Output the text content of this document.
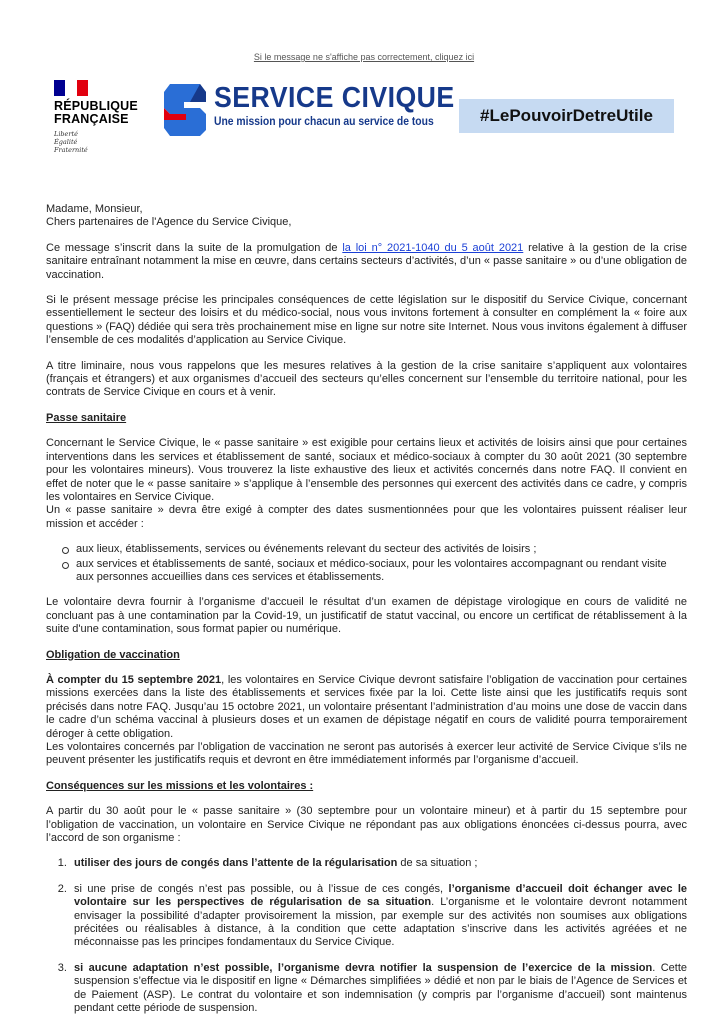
Si le message ne s'affiche pas correctement, cliquez ici
RÉPUBLIQUE
FRANÇAISE
Liberté
Égalité
Fraternité
SERVICE CIVIQUE
Une mission pour chacun au service de tous	#LePouvoirDetreUtile

Madame, Monsieur,

Chers partenaires de l'Agence du Service Civique,

Ce message s’inscrit dans la suite de la promulgation de la loi n° 2021-1040 du 5 août 2021 relative à la gestion de la crise sanitaire entraînant notamment la mise en œuvre, dans certains secteurs d’activités, d’un « passe sanitaire » ou d’une obligation de vaccination.

Si le présent message précise les principales conséquences de cette législation sur le dispositif du Service Civique, concernant essentiellement le secteur des loisirs et du médico-social, nous vous invitons fortement à consulter en complément la « foire aux questions » (FAQ) dédiée qui sera très prochainement mise en ligne sur notre site Internet. Nous vous invitons également à diffuser l’ensemble de ces modalités d’application au Service Civique.

A titre liminaire, nous vous rappelons que les mesures relatives à la gestion de la crise sanitaire s’appliquent aux volontaires (français et étrangers) et aux organismes d’accueil des secteurs qu’elles concernent sur l’ensemble du territoire national, pour les contrats de Service Civique en cours et à venir.

Passe sanitaire

Concernant le Service Civique, le « passe sanitaire » est exigible pour certains lieux et activités de loisirs ainsi que pour certaines interventions dans les services et établissement de santé, sociaux et médico-sociaux à compter du 30 août 2021 (30 septembre pour les volontaires mineurs). Vous trouverez la liste exhaustive des lieux et activités concernés dans notre FAQ. Il convient en effet de noter que le « passe sanitaire » s’applique à l’ensemble des personnes qui exercent des activités dans ce cadre, y compris les volontaires en Service Civique.

Un « passe sanitaire » devra être exigé à compter des dates susmentionnées pour que les volontaires puissent réaliser leur mission et accéder :

aux lieux, établissements, services ou événements relevant du secteur des activités de loisirs ;
aux services et établissements de santé, sociaux et médico-sociaux, pour les volontaires accompagnant ou rendant visite aux personnes accueillies dans ces services et établissements.

Le volontaire devra fournir à l’organisme d’accueil le résultat d’un examen de dépistage virologique en cours de validité ne concluant pas à une contamination par la Covid-19, un justificatif de statut vaccinal, ou encore un certificat de rétablissement à la suite d'une contamination, sous format papier ou numérique.

Obligation de vaccination

À compter du 15 septembre 2021, les volontaires en Service Civique devront satisfaire l’obligation de vaccination pour certaines missions exercées dans la liste des établissements et services fixée par la loi. Cette liste ainsi que les justificatifs requis sont précisés dans notre FAQ. Jusqu’au 15 octobre 2021, un volontaire présentant l’administration d’au moins une dose de vaccin dans le cadre d’un schéma vaccinal à plusieurs doses et un examen de dépistage négatif en cours de validité pourra temporairement déroger à cette obligation.

Les volontaires concernés par l’obligation de vaccination ne seront pas autorisés à exercer leur activité de Service Civique s’ils ne peuvent présenter les justificatifs requis et devront en être immédiatement informés par l’organisme d’accueil.

Conséquences sur les missions et les volontaires :

A partir du 30 août pour le « passe sanitaire » (30 septembre pour un volontaire mineur) et à partir du 15 septembre pour l’obligation de vaccination, un volontaire en Service Civique ne répondant pas aux obligations énoncées ci-dessus pourra, avec l’accord de son organisme :

1. utiliser des jours de congés dans l’attente de la régularisation de sa situation ;
2. si une prise de congés n’est pas possible, ou à l’issue de ces congés, l’organisme d’accueil doit échanger avec le volontaire sur les perspectives de régularisation de sa situation. L’organisme et le volontaire devront notamment envisager la possibilité d’adapter provisoirement la mission, par exemple sur des activités non soumises aux obligations précitées ou réalisables à distance, à la condition que cette adaptation s’inscrive dans les activités agréées et ne méconnaisse pas les principes fondamentaux du Service Civique.
3. si aucune adaptation n’est possible, l’organisme devra notifier la suspension de l’exercice de la mission. Cette suspension s’effectue via le dispositif en ligne « Démarches simplifiées » dédié et non par le biais de l’Agence de Services et de Paiement (ASP). Le contrat du volontaire et son indemnisation (y compris par l’organisme d’accueil) sont maintenus pendant cette période de suspension.
